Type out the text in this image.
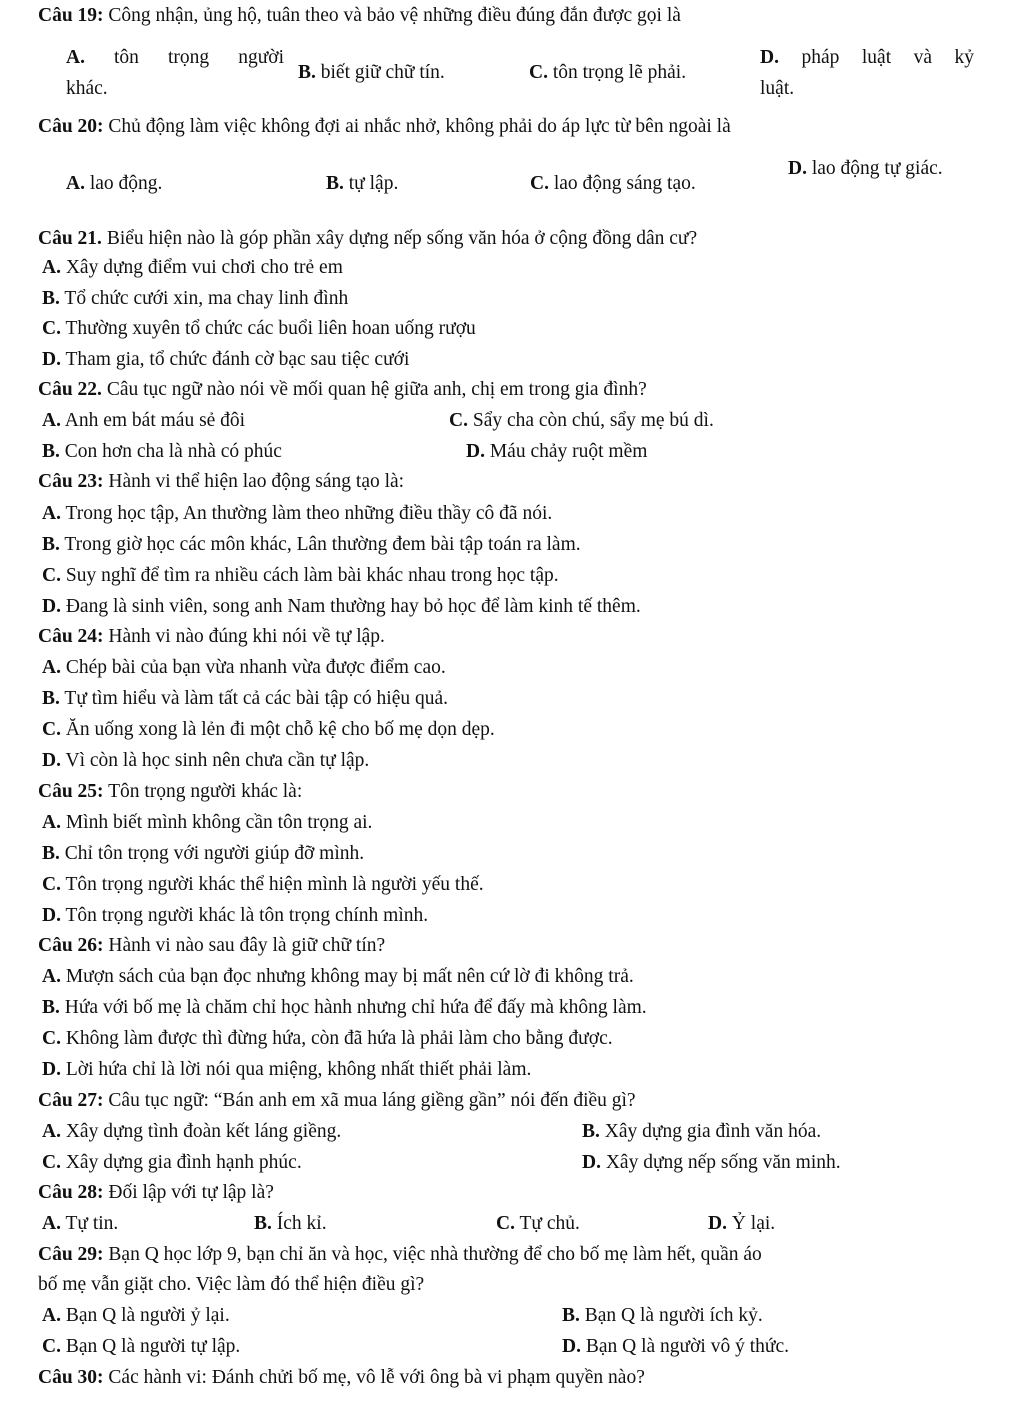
Câu 19: Công nhận, ủng hộ, tuân theo và bảo vệ những điều đúng đắn được gọi là
A. tôn trọng người
khác.
B. biết giữ chữ tín.	C. tôn trọng lẽ phải.
D. pháp luật và kỷ
luật.
Câu 20: Chủ động làm việc không đợi ai nhắc nhở, không phải do áp lực từ bên ngoài là
A. lao động.	B. tự lập.	C. lao động sáng tạo.
D. lao động tự giác.
Câu 21. Biểu hiện nào là góp phần xây dựng nếp sống văn hóa ở cộng đồng dân cư?
A. Xây dựng điểm vui chơi cho trẻ em
B. Tổ chức cưới xin, ma chay linh đình
C. Thường xuyên tổ chức các buổi liên hoan uống rượu
D. Tham gia, tổ chức đánh cờ bạc sau tiệc cưới
Câu 22. Câu tục ngữ nào nói về mối quan hệ giữa anh, chị em trong gia đình?
A. Anh em bát máu sẻ đôi	C. Sẩy cha còn chú, sẩy mẹ bú dì.
B. Con hơn cha là nhà có phúc	D. Máu chảy ruột mềm
Câu 23: Hành vi thể hiện lao động sáng tạo là:
A. Trong học tập, An thường làm theo những điều thầy cô đã nói.
B. Trong giờ học các môn khác, Lân thường đem bài tập toán ra làm.
C. Suy nghĩ để tìm ra nhiều cách làm bài khác nhau trong học tập.
D. Đang là sinh viên, song anh Nam thường hay bỏ học để làm kinh tế thêm.
Câu 24: Hành vi nào đúng khi nói về tự lập.
A. Chép bài của bạn vừa nhanh vừa được điểm cao.
B. Tự tìm hiểu và làm tất cả các bài tập có hiệu quả.
C. Ăn uống xong là lẻn đi một chỗ kệ cho bố mẹ dọn dẹp.
D. Vì còn là học sinh nên chưa cần tự lập.
Câu 25: Tôn trọng người khác là:
A. Mình biết mình không cần tôn trọng ai.
B. Chỉ tôn trọng với người giúp đỡ mình.
C. Tôn trọng người khác thể hiện mình là người yếu thế.
D. Tôn trọng người khác là tôn trọng chính mình.
Câu 26: Hành vi nào sau đây là giữ chữ tín?
A. Mượn sách của bạn đọc nhưng không may bị mất nên cứ lờ đi không trả.
B. Hứa với bố mẹ là chăm chỉ học hành nhưng chỉ hứa để đấy mà không làm.
C. Không làm được thì đừng hứa, còn đã hứa là phải làm cho bằng được.
D. Lời hứa chỉ là lời nói qua miệng, không nhất thiết phải làm.
Câu 27: Câu tục ngữ: “Bán anh em xã mua láng giềng gần” nói đến điều gì?
A. Xây dựng tình đoàn kết láng giềng.	B. Xây dựng gia đình văn hóa.
C. Xây dựng gia đình hạnh phúc.	D. Xây dựng nếp sống văn minh.
Câu 28: Đối lập với tự lập là?
A. Tự tin.	B. Ích kỉ.	C. Tự chủ.	D. Ỷ lại.
Câu 29: Bạn Q học lớp 9, bạn chỉ ăn và học, việc nhà thường để cho bố mẹ làm hết, quần áo
bố mẹ vẫn giặt cho. Việc làm đó thể hiện điều gì?
A. Bạn Q là người ỷ lại.	B. Bạn Q là người ích kỷ.
C. Bạn Q là người tự lập.	D. Bạn Q là người vô ý thức.
Câu 30: Các hành vi: Đánh chửi bố mẹ, vô lễ với ông bà vi phạm quyền nào?
